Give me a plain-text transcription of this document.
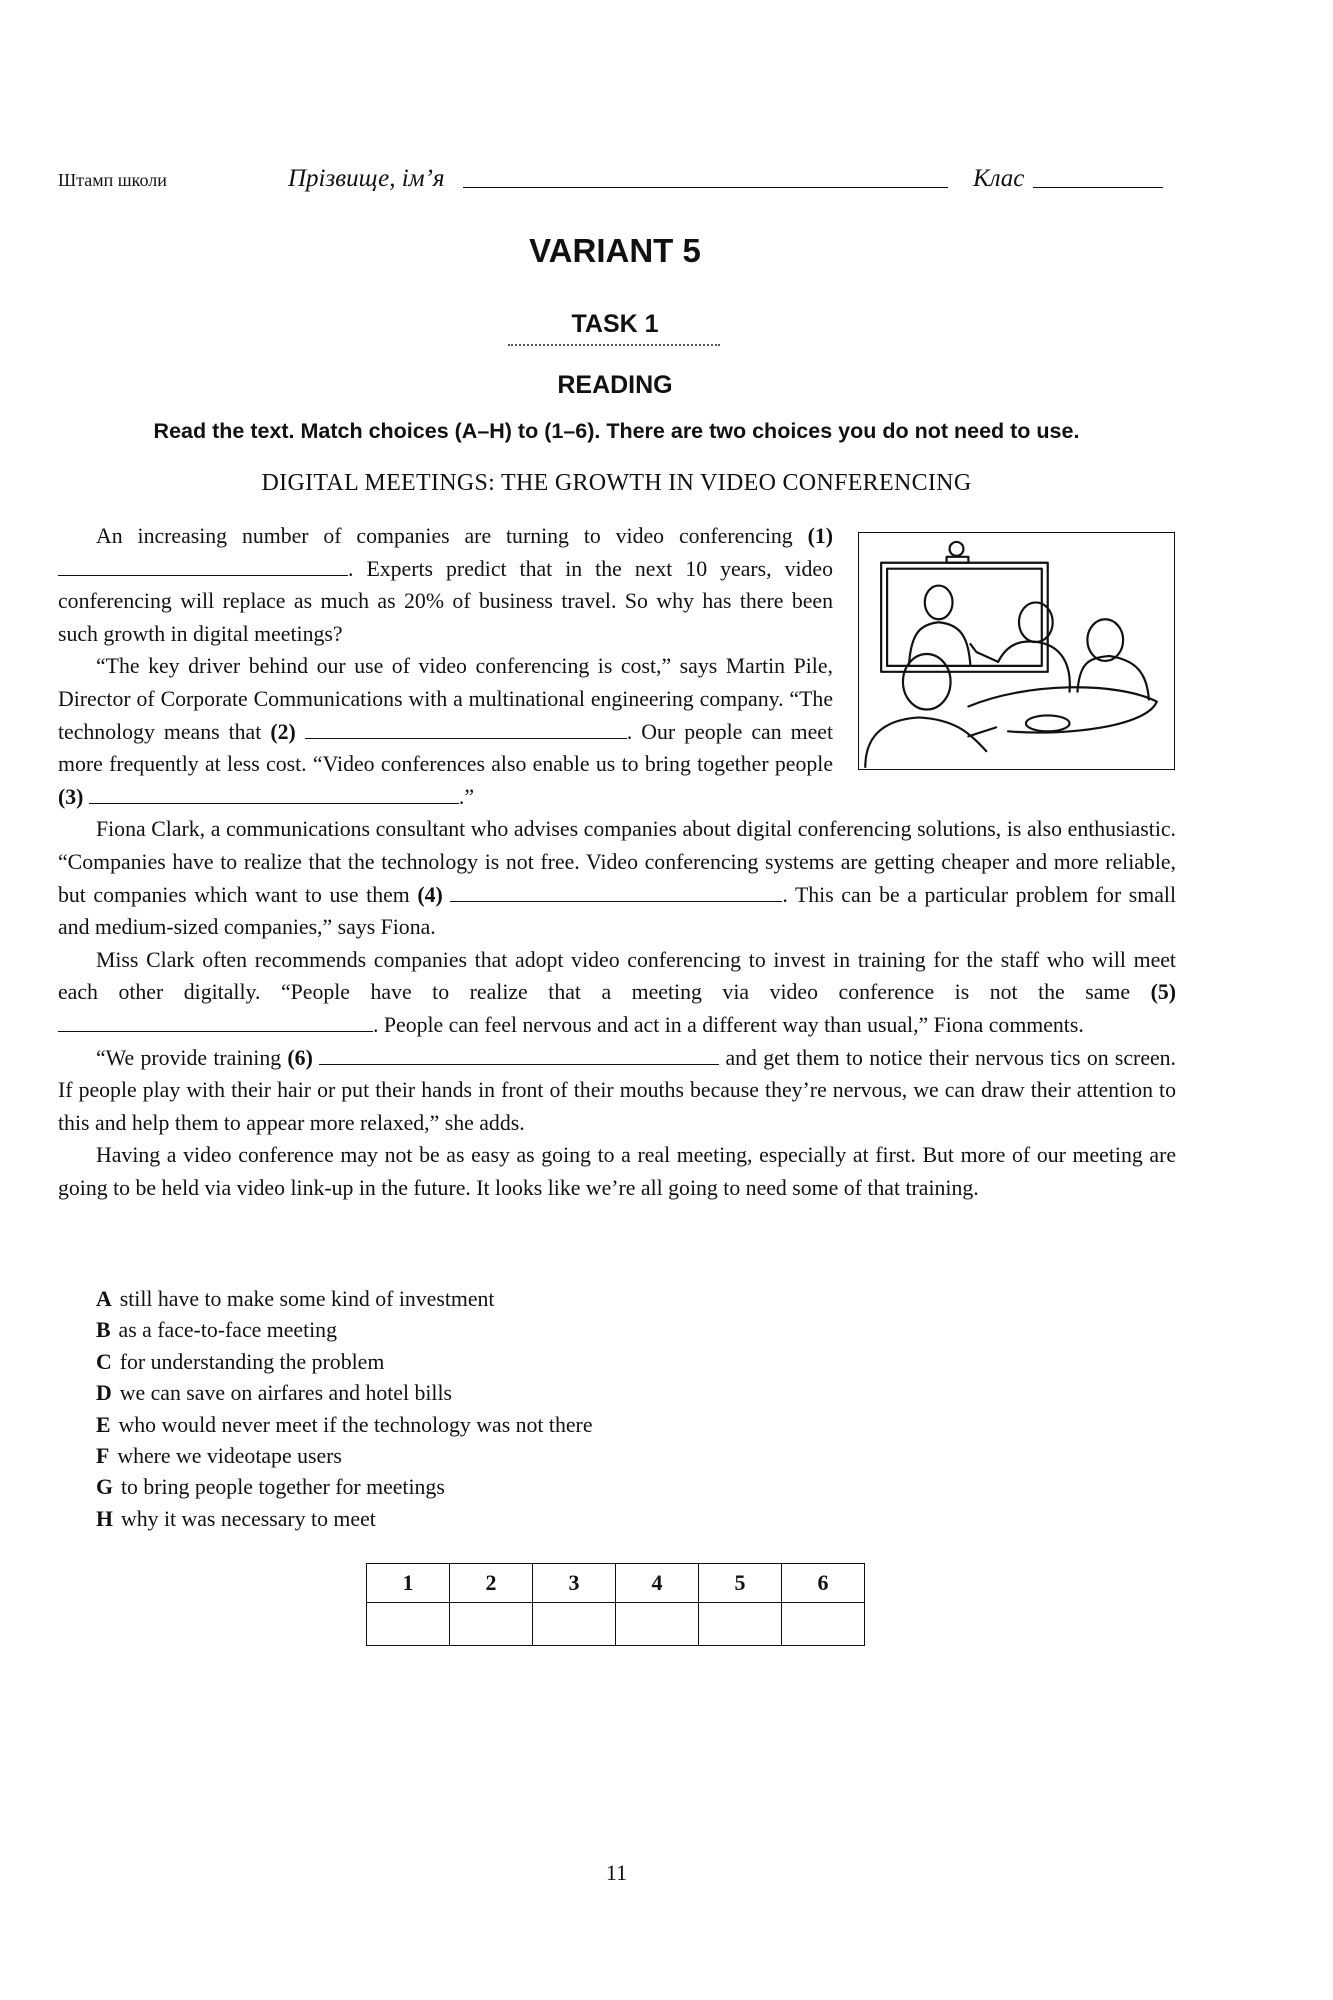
Штамп школи	Прізвище, ім’я	Клас
VARIANT 5
TASK 1
READING
Read the text. Match choices (A–H) to (1–6). There are two choices you do not need to use.
DIGITAL MEETINGS: THE GROWTH IN VIDEO CONFERENCING

An increasing number of companies are turning to video conferencing (1) . Experts predict that in the next 10 years, video conferencing will replace as much as 20% of business travel. So why has there been such growth in digital meetings?

“The key driver behind our use of video conferencing is cost,” says Martin Pile, Director of Corporate Communications with a multinational engineering company. “The technology means that (2)	. Our people can meet more frequently at less cost. “Video conferences also enable us to bring together people (3)	.”

Fiona Clark, a communications consultant who advises companies about digital conferencing solutions, is also enthusiastic. “Companies have to realize that the technology is not free. Video conferencing systems are getting cheaper and more reliable, but companies which want to use them (4)	. This can be a particular problem for small and medium-sized companies,” says Fiona.

Miss Clark often recommends companies that adopt video conferencing to invest in training for the staff who will meet each other digitally. “People have to realize that a meeting via video conference is not the same (5) . People can feel nervous and act in a different way than usual,” Fiona comments.

“We provide training (6)	and get them to notice their nervous tics on screen. If people play with their hair or put their hands in front of their mouths because they’re nervous, we can draw their attention to this and help them to appear more relaxed,” she adds.

Having a video conference may not be as easy as going to a real meeting, especially at first. But more of our meeting are going to be held via video link-up in the future. It looks like we’re all going to need some of that training.

A still have to make some kind of investment
B as a face-to-face meeting
C for understanding the problem
D we can save on airfares and hotel bills
E who would never meet if the technology was not there
F where we videotape users
G to bring people together for meetings
H why it was necessary to meet
1	2	3	4	5	6

11
